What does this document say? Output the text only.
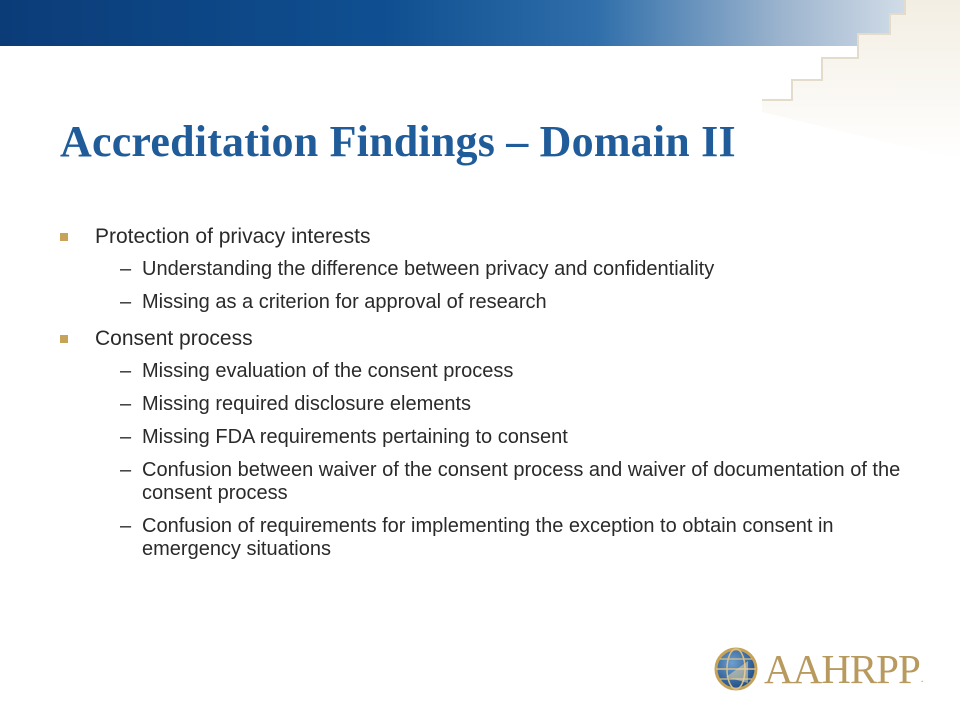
Accreditation Findings – Domain II
Protection of privacy interests
– Understanding the difference between privacy and confidentiality
– Missing as a criterion for approval of research
Consent process
– Missing evaluation of the consent process
– Missing required disclosure elements
– Missing FDA requirements pertaining to consent
– Confusion between waiver of the consent process and waiver of documentation of the consent process
– Confusion of requirements for implementing the exception to obtain consent in emergency situations
AAHRPP .
